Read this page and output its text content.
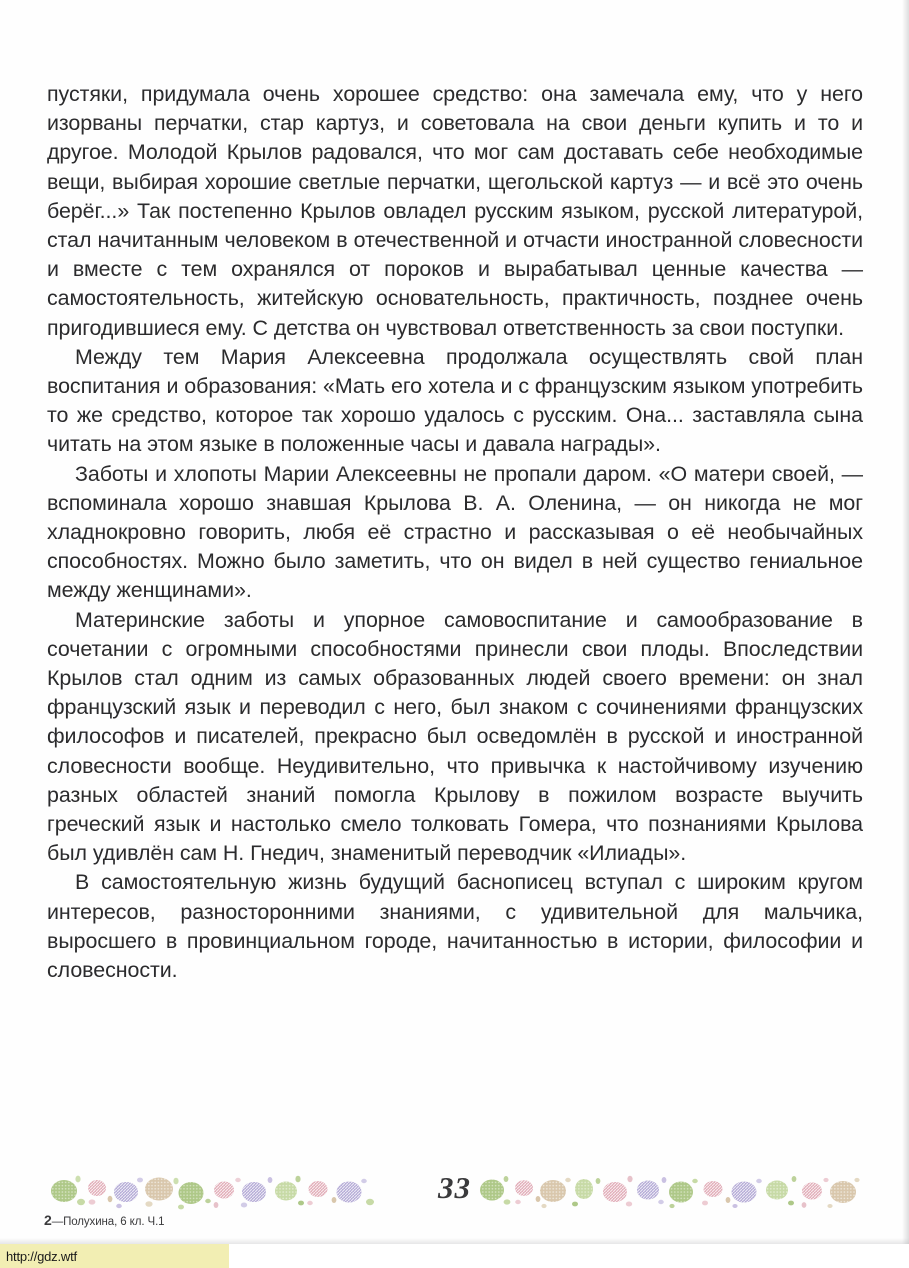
пустяки, придумала очень хорошее средство: она замечала ему, что у него изорваны перчатки, стар картуз, и советовала на свои деньги купить и то и другое. Молодой Крылов радовался, что мог сам доставать себе необходимые вещи, выбирая хорошие светлые перчатки, щегольской картуз — и всё это очень берёг...» Так постепенно Крылов овладел русским языком, русской литературой, стал начитанным человеком в отечественной и отчасти иностранной словесности и вместе с тем охранялся от пороков и вырабатывал ценные качества — самостоятельность, житейскую основательность, практичность, позднее очень пригодившиеся ему. С детства он чувствовал ответственность за свои поступки.

Между тем Мария Алексеевна продолжала осуществлять свой план воспитания и образования: «Мать его хотела и с французским языком употребить то же средство, которое так хорошо удалось с русским. Она... заставляла сына читать на этом языке в положенные часы и давала награды».

Заботы и хлопоты Марии Алексеевны не пропали даром. «О матери своей, — вспоминала хорошо знавшая Крылова В. А. Оленина, — он никогда не мог хладнокровно говорить, любя её страстно и рассказывая о её необычайных способностях. Можно было заметить, что он видел в ней существо гениальное между женщинами».

Материнские заботы и упорное самовоспитание и самообразование в сочетании с огромными способностями принесли свои плоды. Впоследствии Крылов стал одним из самых образованных людей своего времени: он знал французский язык и переводил с него, был знаком с сочинениями французских философов и писателей, прекрасно был осведомлён в русской и иностранной словесности вообще. Неудивительно, что привычка к настойчивому изучению разных областей знаний помогла Крылову в пожилом возрасте выучить греческий язык и настолько смело толковать Гомера, что познаниями Крылова был удивлён сам Н. Гнедич, знаменитый переводчик «Илиады».

В самостоятельную жизнь будущий баснописец вступал с широким кругом интересов, разносторонними знаниями, с удивительной для мальчика, выросшего в провинциальном городе, начитанностью в истории, философии и словесности.

33
2—Полухина, 6 кл. Ч.1
http://gdz.wtf
